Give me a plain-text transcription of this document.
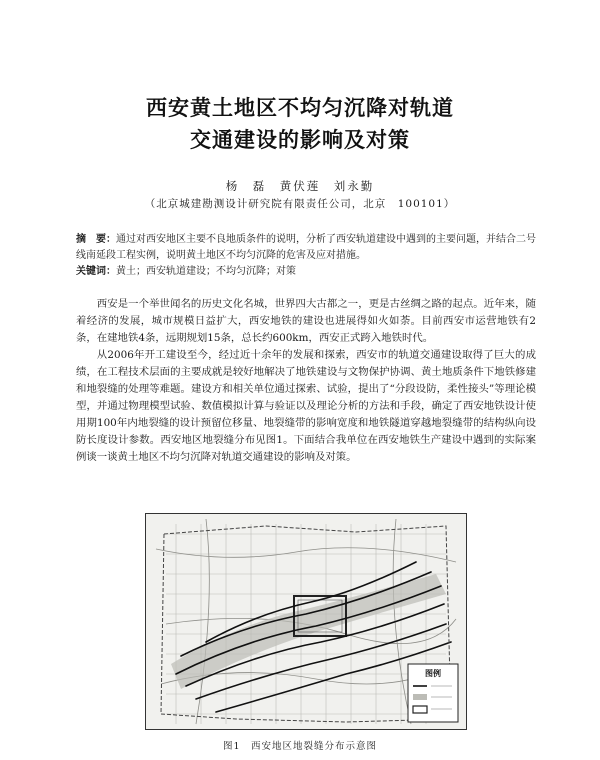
西安黄土地区不均匀沉降对轨道
交通建设的影响及对策
杨　磊　黄伏莲　刘永勤
（北京城建勘测设计研究院有限责任公司，北京　100101）
摘　要：通过对西安地区主要不良地质条件的说明，分析了西安轨道建设中遇到的主要问题，并结合二号线南延段工程实例，说明黄土地区不均匀沉降的危害及应对措施。
关键词：黄土；西安轨道建设；不均匀沉降；对策

西安是一个举世闻名的历史文化名城，世界四大古都之一，更是古丝绸之路的起点。近年来，随着经济的发展，城市规模日益扩大，西安地铁的建设也进展得如火如荼。目前西安市运营地铁有2条，在建地铁4条，远期规划15条，总长约600km，西安正式跨入地铁时代。

从2006年开工建设至今，经过近十余年的发展和探索，西安市的轨道交通建设取得了巨大的成绩，在工程技术层面的主要成就是较好地解决了地铁建设与文物保护协调、黄土地质条件下地铁修建和地裂缝的处理等难题。建设方和相关单位通过探索、试验，提出了“分段设防，柔性接头”等理论模型，并通过物理模型试验、数值模拟计算与验证以及理论分析的方法和手段，确定了西安地铁设计使用期100年内地裂缝的设计预留位移量、地裂缝带的影响宽度和地铁隧道穿越地裂缝带的结构纵向设防长度设计参数。西安地区地裂缝分布见图1。下面结合我单位在西安地铁生产建设中遇到的实际案例谈一谈黄土地区不均匀沉降对轨道交通建设的影响及对策。

图例
图1　西安地区地裂缝分布示意图
